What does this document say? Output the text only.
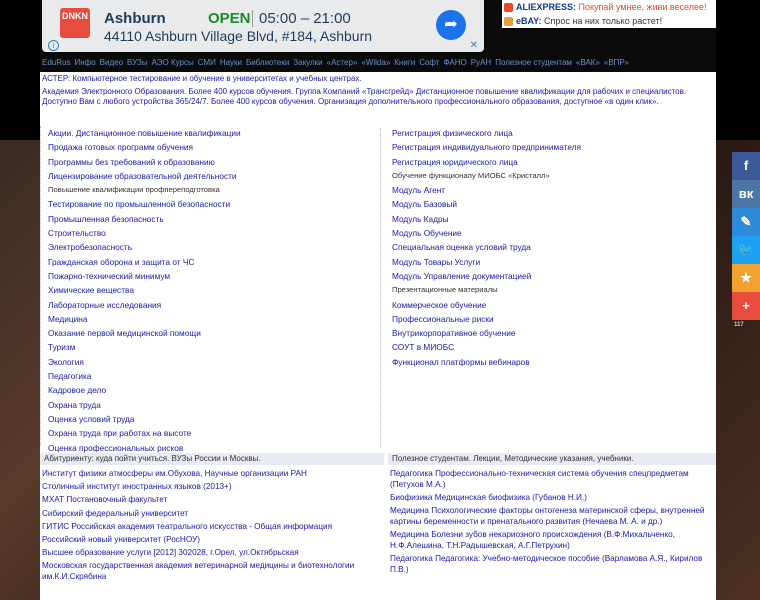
DNKN Ashburn	OPEN 05:00 – 21:00
44110 Ashburn Village Blvd, #184, Ashburn
➦
i	✕
ALIEXPRESS: Покупай умнее, живи веселее!
eBAY: Спрос на них только растет!
EduRus Инфо Видео ВУЗы АЭО Курсы СМИ Науки Библиотеки Закулки «Астер» «Wilda» Книги Софт ФАНО РуАН Полезное студентам «ВАК» «ВПР»

АСТЕР: Компьютерное тестирование и обучение в университетах и учебных центрах.

Академия Электронного Образования. Более 400 курсов обучения. Группа Компаний «Трансгрейд» Дистанционное повышение квалификации для рабочих и специалистов. Доступно Вам с любого устройства 365/24/7. Более 400 курсов обучения. Организация дополнительного профессионального образования, доступное «в один клик».

Акции. Дистанционное повышение квалификации
Продажа готовых программ обучения
Программы без требований к образованию
Лицензирование образовательной деятельности
Повышение квалификации профпереподготовка
Тестирование по промышленной безопасности
Промышленная безопасность
Строительство
Электробезопасность
Гражданская оборона и защита от ЧС
Пожарно-технический минимум
Химические вещества
Лабораторные исследования
Медицина
Оказание первой медицинской помощи
Туризм
Экология
Педагогика
Кадровое дело
Охрана труда
Оценка условий труда
Охрана труда при работах на высоте
Оценка профессиональных рисков
Регистрация физического лица
Регистрация индивидуального предпринимателя
Регистрация юридического лица
Обучение функционалу МИОБС «Кристалл»
Модуль Агент
Модуль Базовый
Модуль Кадры
Модуль Обучение
Специальная оценка условий труда
Модуль Товары Услуги
Модуль Управление документацией
Презентационные материалы
Коммерческое обучение
Профессиональные риски
Внутрикорпоративное обучение
СОУТ в МИОБС
Функционал платформы вебинаров
Абитуриенту: куда пойти учиться. ВУЗы России и Москвы.	Полезное студентам. Лекции, Методические указания, учебники.
Институт физики атмосферы им.Обухова, Научные организации РАН
Столичный институт иностранных языков (2013+)
МХАТ Постановочный факультет
Сибирский федеральный университет
ГИТИС Российская академия театрального искусства - Общая информация
Российский новый университет (РосНОУ)
Высшее образование услуги [2012] 302028, г.Орел, ул.Октябрьская
Московская государственная академия ветеринарной медицины и биотехнологии им.К.И.Скрябина
Педагогика Профессионально-техническая система обучения спецпредметам (Петухов М.А.)
Биофизика Медицинская биофизика (Губанов Н.И.)
Медицина Психологические факторы онтогенеза материнской сферы, внутренней картины беременности и пренатального развития (Нечаева М. А. и др.)
Медицина Болезни зубов некариозного происхождения (В.Ф.Михальченко, Н.Ф.Алешина, Т.Н.Радышевская, А.Г.Петрухин)
Педагогика Педагогика: Учебно-методическое пособие (Варламова А.Я., Кирилов П.В.)
f
вк
✎
🐦
★
+
117
